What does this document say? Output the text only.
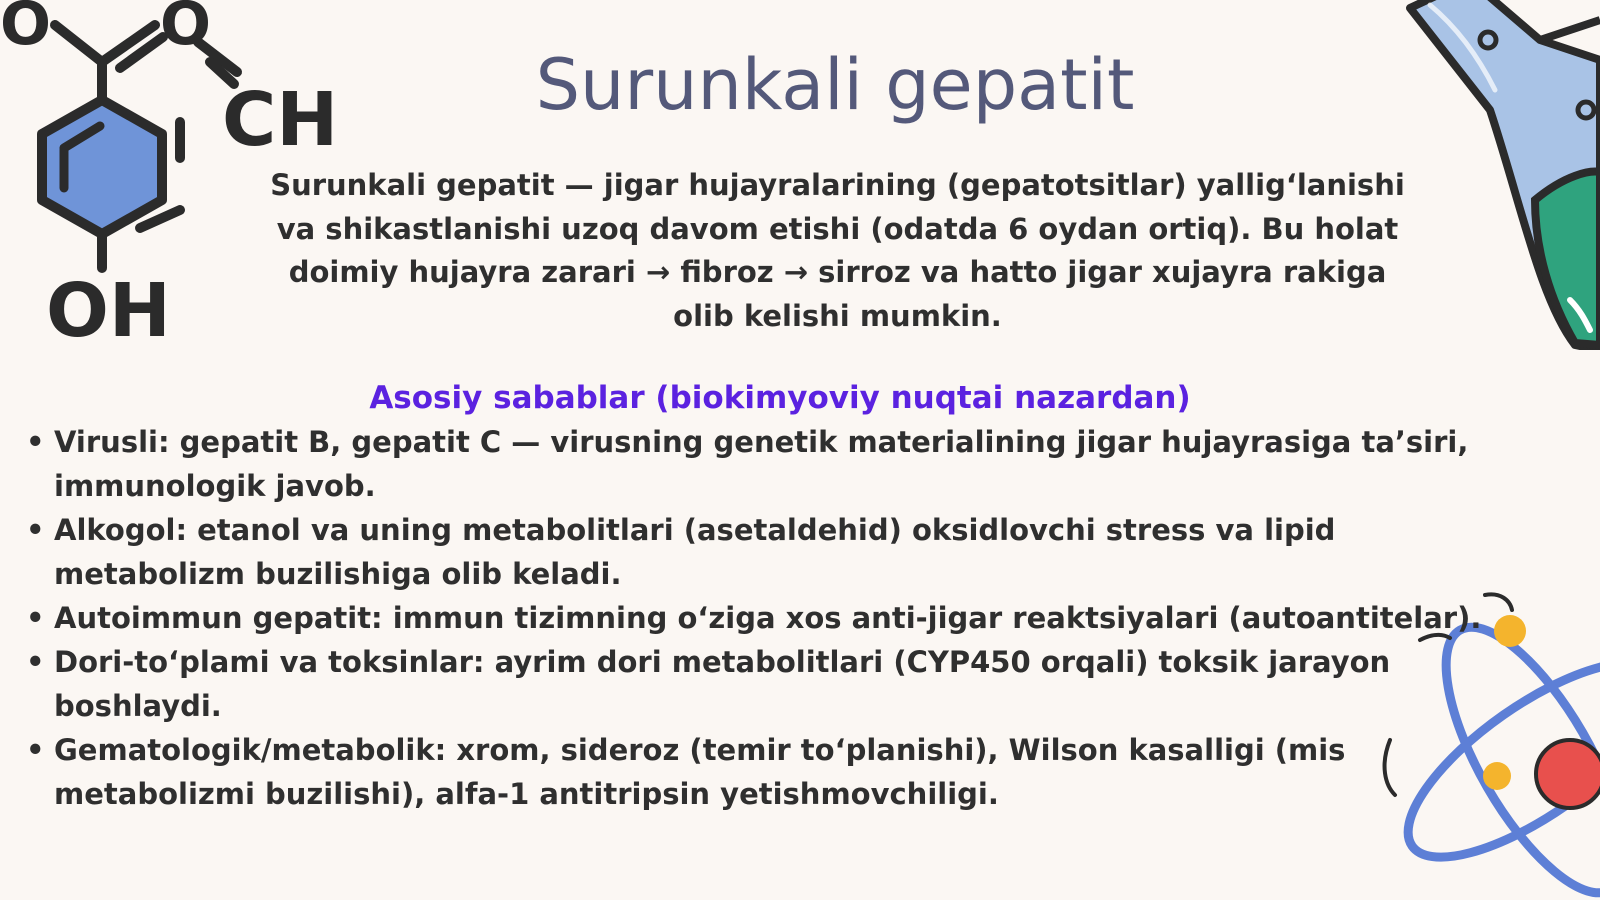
O O
CH
OH
Surunkali gepatit

Surunkali gepatit — jigar hujayralarining (gepatotsitlar) yallig‘lanishi va shikastlanishi uzoq davom etishi (odatda 6 oydan ortiq). Bu holat doimiy hujayra zarari → fibroz → sirroz va hatto jigar xujayra rakiga olib kelishi mumkin.

Asosiy sabablar (biokimyoviy nuqtai nazardan)
• Virusli: gepatit B, gepatit C — virusning genetik materialining jigar hujayrasiga ta’siri, immunologik javob.
• Alkogol: etanol va uning metabolitlari (asetaldehid) oksidlovchi stress va lipid metabolizm buzilishiga olib keladi.
• Autoimmun gepatit: immun tizimning o‘ziga xos anti-jigar reaktsiyalari (autoantitelar).
• Dori-to‘plami va toksinlar: ayrim dori metabolitlari (CYP450 orqali) toksik jarayon boshlaydi.
• Gematologik/metabolik: xrom, sideroz (temir to‘planishi), Wilson kasalligi (mis metabolizmi buzilishi), alfa-1 antitripsin yetishmovchiligi.
